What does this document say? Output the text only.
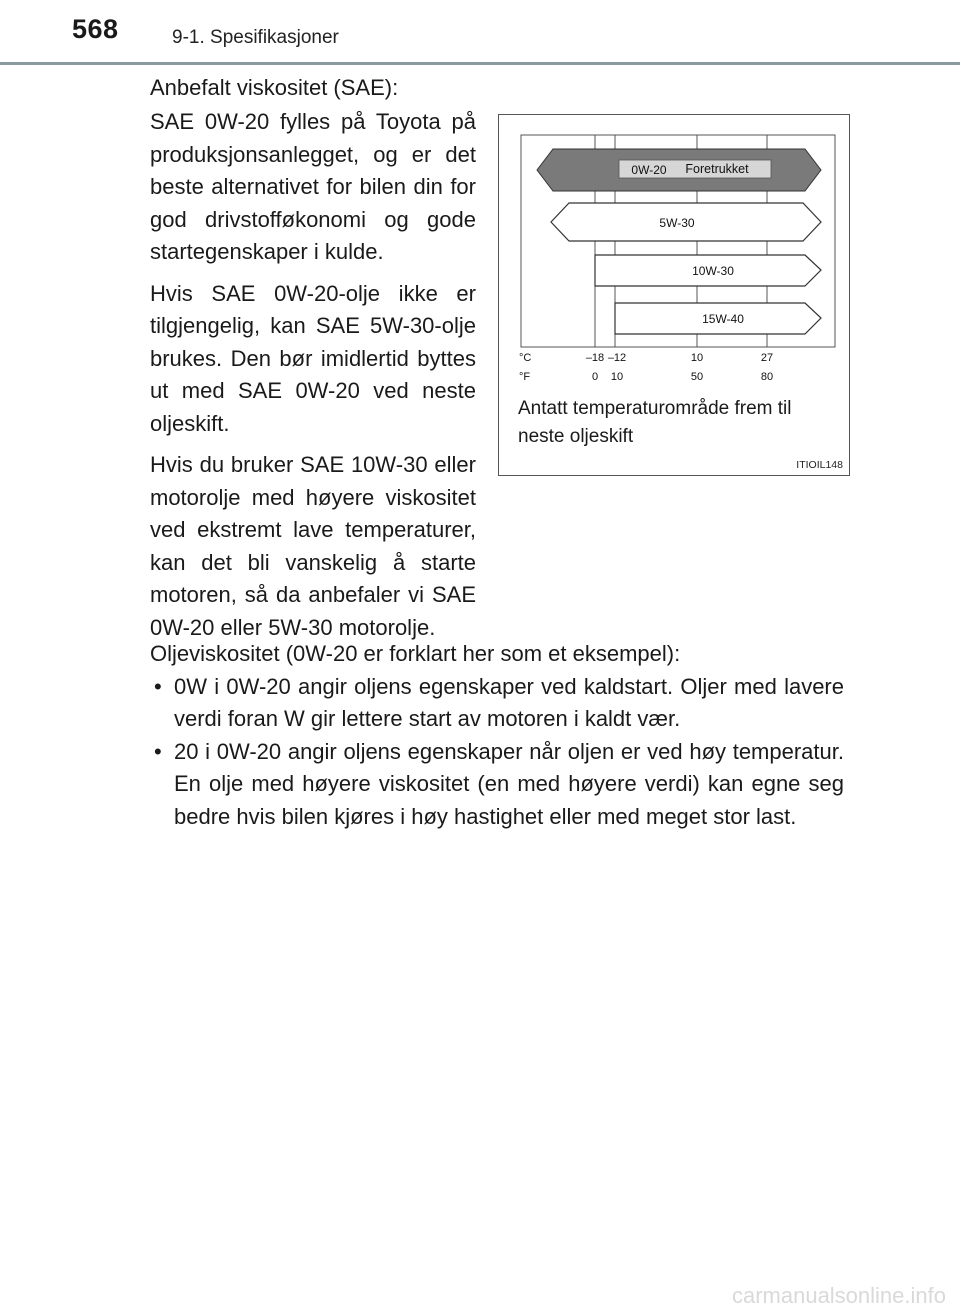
568	9-1. Spesifikasjoner
Anbefalt viskositet (SAE):

SAE 0W-20 fylles på Toyota på produksjonsanlegget, og er det beste alternativet for bilen din for god drivstofføkonomi og gode startegenskaper i kulde.

Hvis SAE 0W-20-olje ikke er tilgjengelig, kan SAE 5W-30-olje brukes. Den bør imidlertid byttes ut med SAE 0W-20 ved neste oljeskift.

Hvis du bruker SAE 10W-30 eller motorolje med høyere viskositet ved ekstremt lave temperaturer, kan det bli vanskelig å starte motoren, så da anbefaler vi SAE 0W-20 eller 5W-30 motorolje.

0W-20 Foretrukket
5W-30
10W-30
15W-40
°C
°F
–18 –12	10	27
0 10	50	80
Antatt temperaturområde frem til neste oljeskift
ITIOIL148

Oljeviskositet (0W-20 er forklart her som et eksempel):

• 0W i 0W-20 angir oljens egenskaper ved kaldstart. Oljer med lavere verdi foran W gir lettere start av motoren i kaldt vær.

• 20 i 0W-20 angir oljens egenskaper når oljen er ved høy temperatur. En olje med høyere viskositet (en med høyere verdi) kan egne seg bedre hvis bilen kjøres i høy hastighet eller med meget stor last.

carmanualsonline.info
